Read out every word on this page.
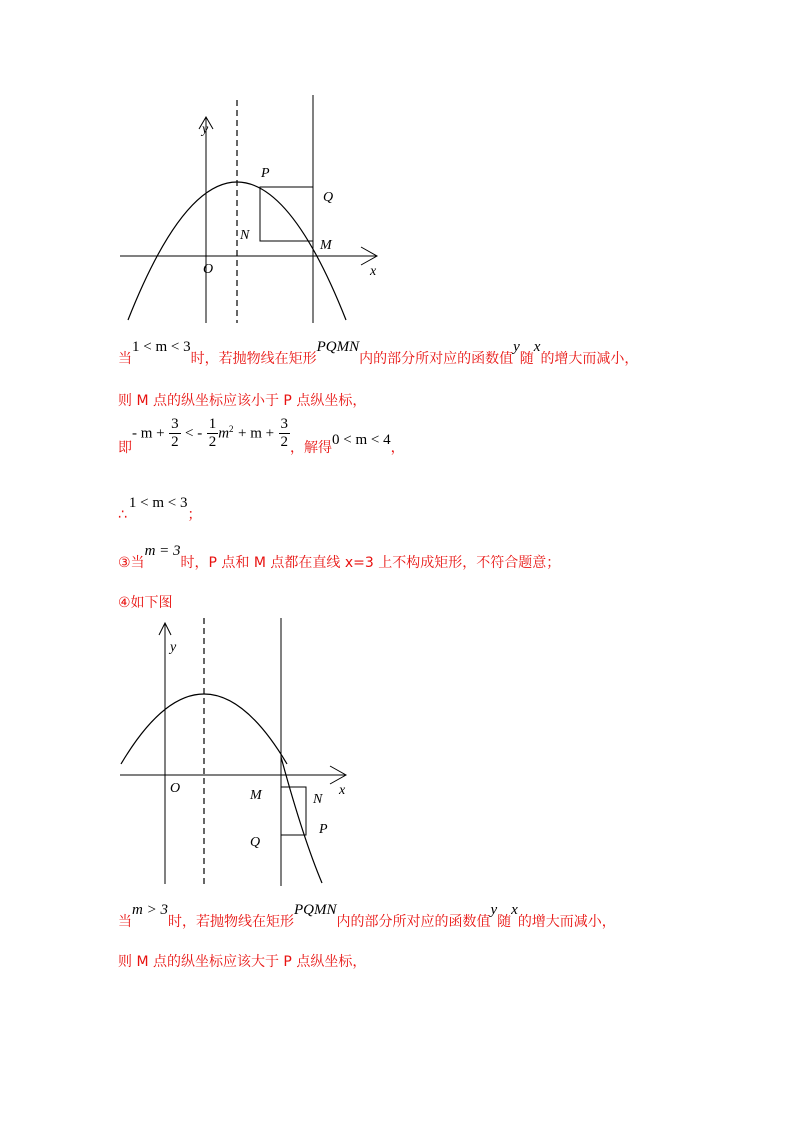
y
x
O
P
Q
N
M
当1 < m < 3时，若抛物线在矩形PQMN内的部分所对应的函数值y随x的增大而减小，
则 M 点的纵坐标应该小于 P 点纵坐标，
即- $m + \frac{3}{2}$ < - $\frac{1}{2} m^2 + m + \frac{3}{2}$ ，解得0 < m < 4，
∴1 < m < 3；
③当m = 3时，P 点和 M 点都在直线 x=3 上不构成矩形，不符合题意；
④如下图
y
x
O	M	N
Q
P
当m > 3时，若抛物线在矩形PQMN内的部分所对应的函数值y随x的增大而减小，
则 M 点的纵坐标应该大于 P 点纵坐标，
